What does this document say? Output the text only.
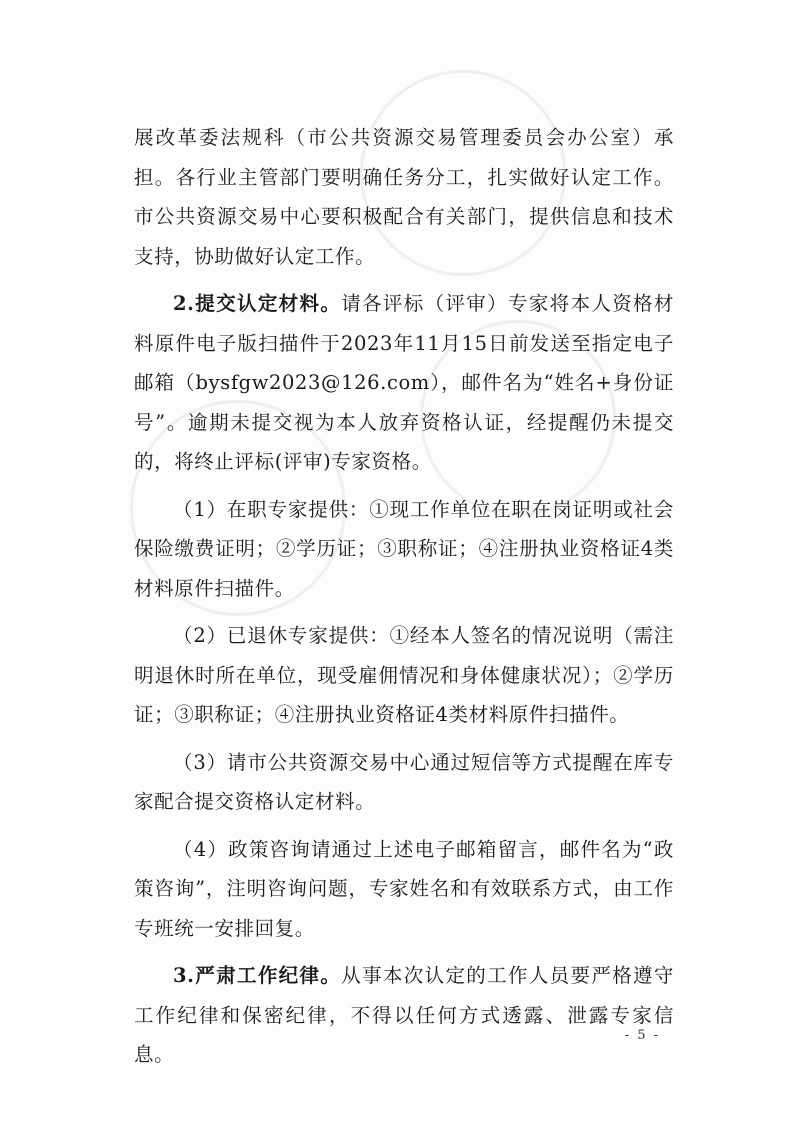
展改革委法规科（市公共资源交易管理委员会办公室）承担。各行业主管部门要明确任务分工，扎实做好认定工作。市公共资源交易中心要积极配合有关部门，提供信息和技术支持，协助做好认定工作。

2.提交认定材料。请各评标（评审）专家将本人资格材料原件电子版扫描件于2023年11月15日前发送至指定电子邮箱（bysfgw2023@126.com），邮件名为“姓名+身份证号”。逾期未提交视为本人放弃资格认证，经提醒仍未提交的，将终止评标(评审)专家资格。

（1）在职专家提供：①现工作单位在职在岗证明或社会保险缴费证明；②学历证；③职称证；④注册执业资格证4类材料原件扫描件。

（2）已退休专家提供：①经本人签名的情况说明（需注明退休时所在单位，现受雇佣情况和身体健康状况）；②学历证；③职称证；④注册执业资格证4类材料原件扫描件。

（3）请市公共资源交易中心通过短信等方式提醒在库专家配合提交资格认定材料。

（4）政策咨询请通过上述电子邮箱留言，邮件名为“政策咨询”，注明咨询问题，专家姓名和有效联系方式，由工作专班统一安排回复。

3.严肃工作纪律。从事本次认定的工作人员要严格遵守工作纪律和保密纪律，不得以任何方式透露、泄露专家信息。

- 5 -
